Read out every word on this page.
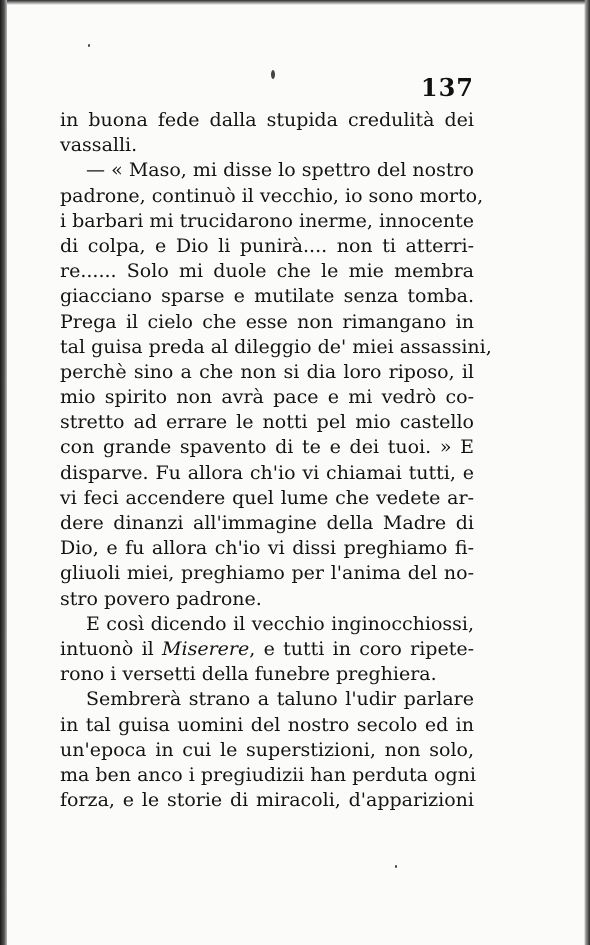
137
in buona fede dalla stupida credulità dei
vassalli.
— « Maso, mi disse lo spettro del nostro
padrone, continuò il vecchio, io sono morto,
i barbari mi trucidarono inerme, innocente
di colpa, e Dio li punirà.... non ti atterri-
re...... Solo mi duole che le mie membra
giacciano sparse e mutilate senza tomba.
Prega il cielo che esse non rimangano in
tal guisa preda al dileggio de' miei assassini,
perchè sino a che non si dia loro riposo, il
mio spirito non avrà pace e mi vedrò co-
stretto ad errare le notti pel mio castello
con grande spavento di te e dei tuoi. » E
disparve. Fu allora ch'io vi chiamai tutti, e
vi feci accendere quel lume che vedete ar-
dere dinanzi all'immagine della Madre di
Dio, e fu allora ch'io vi dissi preghiamo fi-
gliuoli miei, preghiamo per l'anima del no-
stro povero padrone.
E così dicendo il vecchio inginocchiossi,
intuonò il Miserere, e tutti in coro ripete-
rono i versetti della funebre preghiera.
Sembrerà strano a taluno l'udir parlare
in tal guisa uomini del nostro secolo ed in
un'epoca in cui le superstizioni, non solo,
ma ben anco i pregiudizii han perduta ogni
forza, e le storie di miracoli, d'apparizioni
